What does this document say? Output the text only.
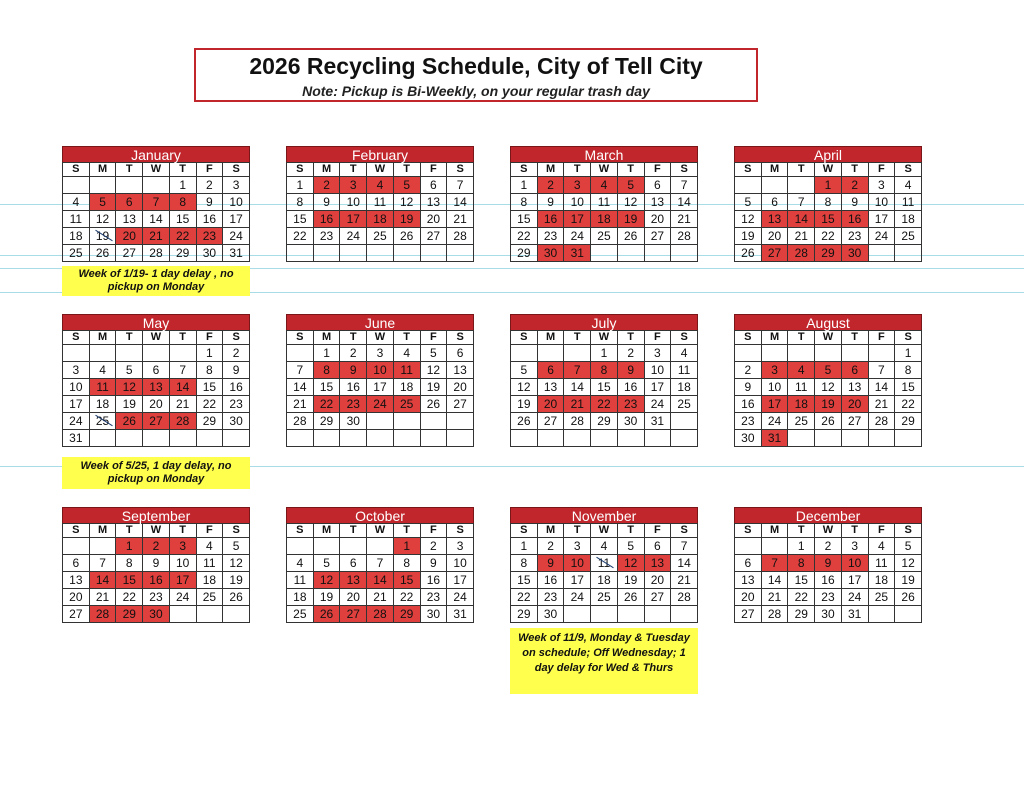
2026 Recycling Schedule, City of Tell City
Note: Pickup is Bi-Weekly, on your regular trash day
January
S	M	T	W	T	F	S
				1	2	3
4	5	6	7	8	9	10
11	12	13	14	15	16	17
18	19	20	21	22	23	24
25	26	27	28	29	30	31
February
S	M	T	W	T	F	S
1	2	3	4	5	6	7
8	9	10	11	12	13	14
15	16	17	18	19	20	21
22	23	24	25	26	27	28

March
S	M	T	W	T	F	S
1	2	3	4	5	6	7
8	9	10	11	12	13	14
15	16	17	18	19	20	21
22	23	24	25	26	27	28
29	30	31				
April
S	M	T	W	T	F	S
			1	2	3	4
5	6	7	8	9	10	11
12	13	14	15	16	17	18
19	20	21	22	23	24	25
26	27	28	29	30		
May
S	M	T	W	T	F	S
					1	2
3	4	5	6	7	8	9
10	11	12	13	14	15	16
17	18	19	20	21	22	23
24	25	26	27	28	29	30
31						
June
S	M	T	W	T	F	S
	1	2	3	4	5	6
7	8	9	10	11	12	13
14	15	16	17	18	19	20
21	22	23	24	25	26	27
28	29	30				

July
S	M	T	W	T	F	S
			1	2	3	4
5	6	7	8	9	10	11
12	13	14	15	16	17	18
19	20	21	22	23	24	25
26	27	28	29	30	31	

August
S	M	T	W	T	F	S
						1
2	3	4	5	6	7	8
9	10	11	12	13	14	15
16	17	18	19	20	21	22
23	24	25	26	27	28	29
30	31					
September
S	M	T	W	T	F	S
		1	2	3	4	5
6	7	8	9	10	11	12
13	14	15	16	17	18	19
20	21	22	23	24	25	26
27	28	29	30			
October
S	M	T	W	T	F	S
				1	2	3
4	5	6	7	8	9	10
11	12	13	14	15	16	17
18	19	20	21	22	23	24
25	26	27	28	29	30	31
November
S	M	T	W	T	F	S
1	2	3	4	5	6	7
8	9	10	11	12	13	14
15	16	17	18	19	20	21
22	23	24	25	26	27	28
29	30					
December
S	M	T	W	T	F	S
		1	2	3	4	5
6	7	8	9	10	11	12
13	14	15	16	17	18	19
20	21	22	23	24	25	26
27	28	29	30	31		
Week of 1/19- 1 day delay , no pickup on Monday
Week of 5/25, 1 day delay, no pickup on Monday
Week of 11/9, Monday & Tuesday on schedule; Off Wednesday; 1 day delay for Wed & Thurs
